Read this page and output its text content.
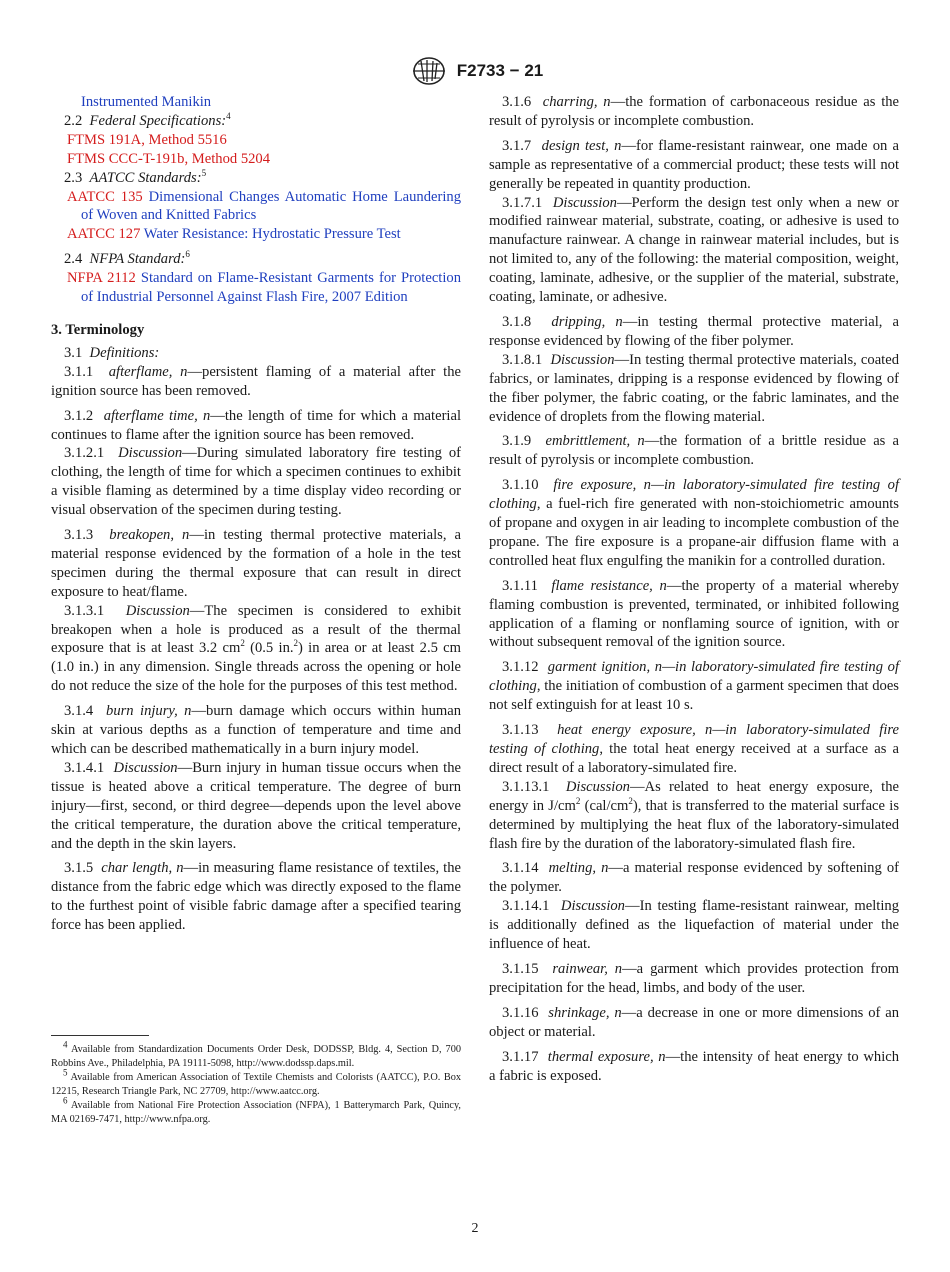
F2733 − 21
Instrumented Manikin
2.2 Federal Specifications:$^4$
FTMS 191A, Method 5516
FTMS CCC-T-191b, Method 5204
2.3 AATCC Standards:$^5$
AATCC 135 Dimensional Changes Automatic Home Laundering of Woven and Knitted Fabrics
AATCC 127 Water Resistance: Hydrostatic Pressure Test
2.4 NFPA Standard:$^6$
NFPA 2112 Standard on Flame-Resistant Garments for Protection of Industrial Personnel Against Flash Fire, 2007 Edition
3. Terminology
3.1 Definitions:
3.1.1 afterflame, n—persistent flaming of a material after the ignition source has been removed.
3.1.2 afterflame time, n—the length of time for which a material continues to flame after the ignition source has been removed.
3.1.2.1 Discussion—During simulated laboratory fire testing of clothing, the length of time for which a specimen continues to exhibit a visible flaming as determined by a time display video recording or visual observation of the specimen during testing.
3.1.3 breakopen, n—in testing thermal protective materials, a material response evidenced by the formation of a hole in the test specimen during the thermal exposure that can result in direct exposure to heat/flame.
3.1.3.1 Discussion—The specimen is considered to exhibit breakopen when a hole is produced as a result of the thermal exposure that is at least 3.2 $cm^2$ (0.5 in.$^2$) in area or at least 2.5 cm (1.0 in.) in any dimension. Single threads across the opening or hole do not reduce the size of the hole for the purposes of this test method.
3.1.4 burn injury, n—burn damage which occurs within human skin at various depths as a function of temperature and time and which can be described mathematically in a burn injury model.
3.1.4.1 Discussion—Burn injury in human tissue occurs when the tissue is heated above a critical temperature. The degree of burn injury—first, second, or third degree—depends upon the level above the critical temperature, the duration above the critical temperature, and the depth in the skin layers.
3.1.5 char length, n—in measuring flame resistance of textiles, the distance from the fabric edge which was directly exposed to the flame to the furthest point of visible fabric damage after a specified tearing force has been applied.
$^4$ Available from Standardization Documents Order Desk, DODSSP, Bldg. 4, Section D, 700 Robbins Ave., Philadelphia, PA 19111-5098, http://www.dodssp.daps.mil.
$^5$ Available from American Association of Textile Chemists and Colorists (AATCC), P.O. Box 12215, Research Triangle Park, NC 27709, http://www.aatcc.org.
$^6$ Available from National Fire Protection Association (NFPA), 1 Batterymarch Park, Quincy, MA 02169-7471, http://www.nfpa.org.
3.1.6 charring, n—the formation of carbonaceous residue as the result of pyrolysis or incomplete combustion.
3.1.7 design test, n—for flame-resistant rainwear, one made on a sample as representative of a commercial product; these tests will not generally be repeated in quantity production.
3.1.7.1 Discussion—Perform the design test only when a new or modified rainwear material, substrate, coating, or adhesive is used to manufacture rainwear. A change in rainwear material includes, but is not limited to, any of the following: the material composition, weight, coating, laminate, adhesive, or the supplier of the material, substrate, coating, laminate, or adhesive.
3.1.8 dripping, n—in testing thermal protective material, a response evidenced by flowing of the fiber polymer.
3.1.8.1 Discussion—In testing thermal protective materials, coated fabrics, or laminates, dripping is a response evidenced by flowing of the fiber polymer, the fabric coating, or the fabric laminates, and the evidence of droplets from the flowing material.
3.1.9 embrittlement, n—the formation of a brittle residue as a result of pyrolysis or incomplete combustion.
3.1.10 fire exposure, n—in laboratory-simulated fire testing of clothing, a fuel-rich fire generated with non-stoichiometric amounts of propane and oxygen in air leading to incomplete combustion of the propane. The fire exposure is a propane-air diffusion flame with a controlled heat flux engulfing the manikin for a controlled duration.
3.1.11 flame resistance, n—the property of a material whereby flaming combustion is prevented, terminated, or inhibited following application of a flaming or nonflaming source of ignition, with or without subsequent removal of the ignition source.
3.1.12 garment ignition, n—in laboratory-simulated fire testing of clothing, the initiation of combustion of a garment specimen that does not self extinguish for at least 10 s.
3.1.13 heat energy exposure, n—in laboratory-simulated fire testing of clothing, the total heat energy received at a surface as a direct result of a laboratory-simulated fire.
3.1.13.1 Discussion—As related to heat energy exposure, the energy in $J/cm^2$ $(cal/cm^2)$, that is transferred to the material surface is determined by multiplying the heat flux of the laboratory-simulated flash fire by the duration of the laboratory-simulated flash fire.
3.1.14 melting, n—a material response evidenced by softening of the polymer.
3.1.14.1 Discussion—In testing flame-resistant rainwear, melting is additionally defined as the liquefaction of material under the influence of heat.
3.1.15 rainwear, n—a garment which provides protection from precipitation for the head, limbs, and body of the user.
3.1.16 shrinkage, n—a decrease in one or more dimensions of an object or material.
3.1.17 thermal exposure, n—the intensity of heat energy to which a fabric is exposed.
2
